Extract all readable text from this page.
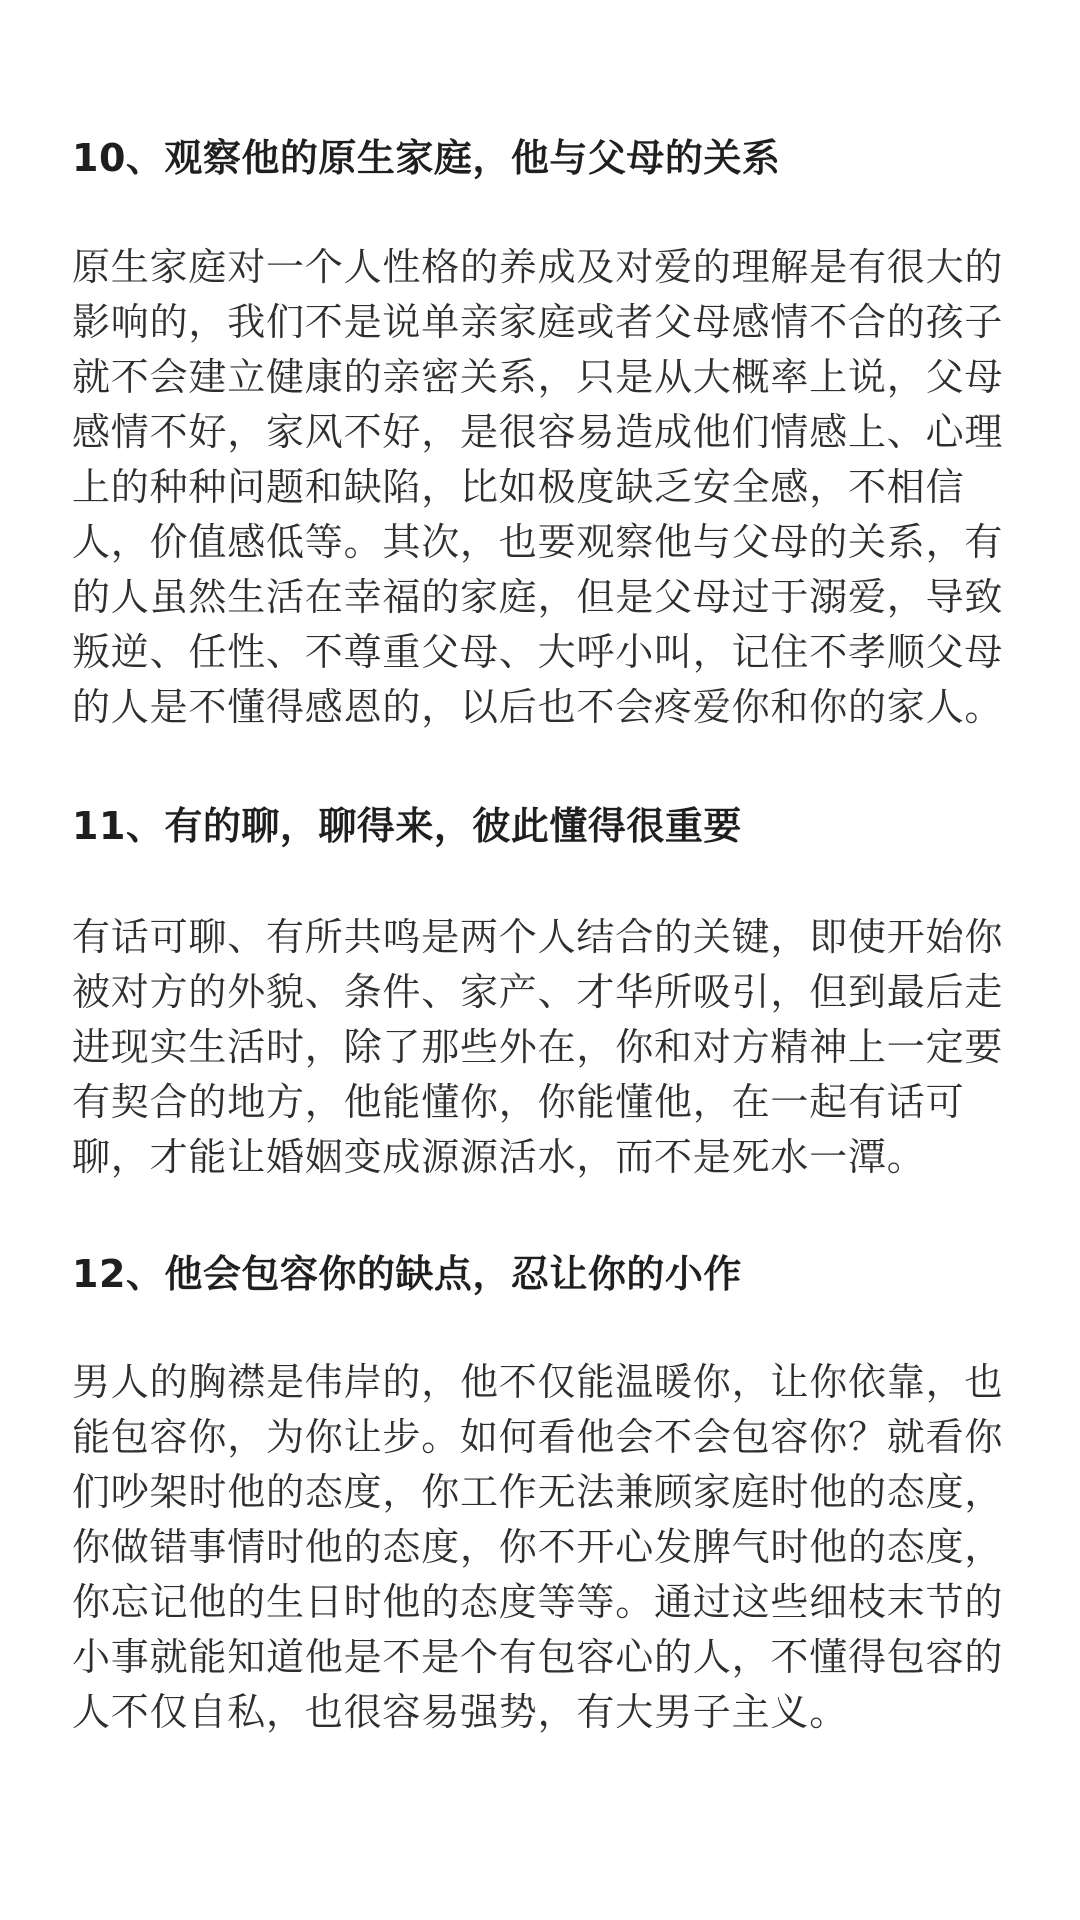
10、观察他的原生家庭，他与父母的关系
原生家庭对一个人性格的养成及对爱的理解是有很大的
影响的，我们不是说单亲家庭或者父母感情不合的孩子
就不会建立健康的亲密关系，只是从大概率上说，父母
感情不好，家风不好，是很容易造成他们情感上、心理
上的种种问题和缺陷，比如极度缺乏安全感，不相信
人，价值感低等。其次，也要观察他与父母的关系，有
的人虽然生活在幸福的家庭，但是父母过于溺爱，导致
叛逆、任性、不尊重父母、大呼小叫，记住不孝顺父母
的人是不懂得感恩的，以后也不会疼爱你和你的家人。
11、有的聊，聊得来，彼此懂得很重要
有话可聊、有所共鸣是两个人结合的关键，即使开始你
被对方的外貌、条件、家产、才华所吸引，但到最后走
进现实生活时，除了那些外在，你和对方精神上一定要
有契合的地方，他能懂你，你能懂他，在一起有话可
聊，才能让婚姻变成源源活水，而不是死水一潭。
12、他会包容你的缺点，忍让你的小作
男人的胸襟是伟岸的，他不仅能温暖你，让你依靠，也
能包容你，为你让步。如何看他会不会包容你？就看你
们吵架时他的态度，你工作无法兼顾家庭时他的态度，
你做错事情时他的态度，你不开心发脾气时他的态度，
你忘记他的生日时他的态度等等。通过这些细枝末节的
小事就能知道他是不是个有包容心的人，不懂得包容的
人不仅自私，也很容易强势，有大男子主义。
